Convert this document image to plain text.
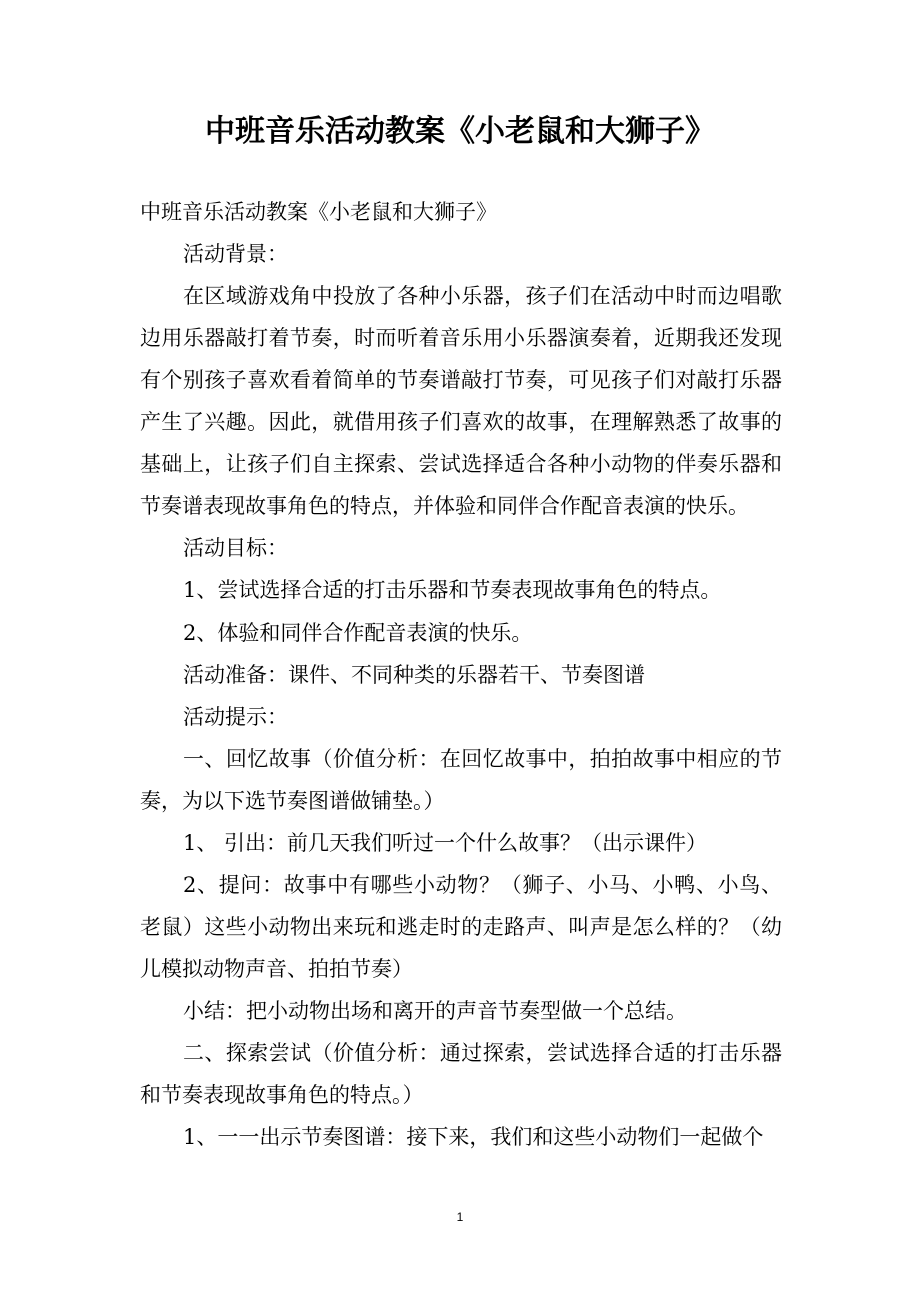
中班音乐活动教案《小老鼠和大狮子》
中班音乐活动教案《小老鼠和大狮子》
活动背景：
在区域游戏角中投放了各种小乐器，孩子们在活动中时而边唱歌
边用乐器敲打着节奏，时而听着音乐用小乐器演奏着，近期我还发现
有个别孩子喜欢看着简单的节奏谱敲打节奏，可见孩子们对敲打乐器
产生了兴趣。因此，就借用孩子们喜欢的故事，在理解熟悉了故事的
基础上，让孩子们自主探索、尝试选择适合各种小动物的伴奏乐器和
节奏谱表现故事角色的特点，并体验和同伴合作配音表演的快乐。
活动目标：
1、尝试选择合适的打击乐器和节奏表现故事角色的特点。
2、体验和同伴合作配音表演的快乐。
活动准备：课件、不同种类的乐器若干、节奏图谱
活动提示：
一、回忆故事（价值分析：在回忆故事中，拍拍故事中相应的节
奏，为以下选节奏图谱做铺垫。）
1、 引出：前几天我们听过一个什么故事？（出示课件）
2、提问：故事中有哪些小动物？（狮子、小马、小鸭、小鸟、
老鼠）这些小动物出来玩和逃走时的走路声、叫声是怎么样的？（幼
儿模拟动物声音、拍拍节奏）
小结：把小动物出场和离开的声音节奏型做一个总结。
二、探索尝试（价值分析：通过探索，尝试选择合适的打击乐器
和节奏表现故事角色的特点。）
1、一一出示节奏图谱：接下来，我们和这些小动物们一起做个
1
